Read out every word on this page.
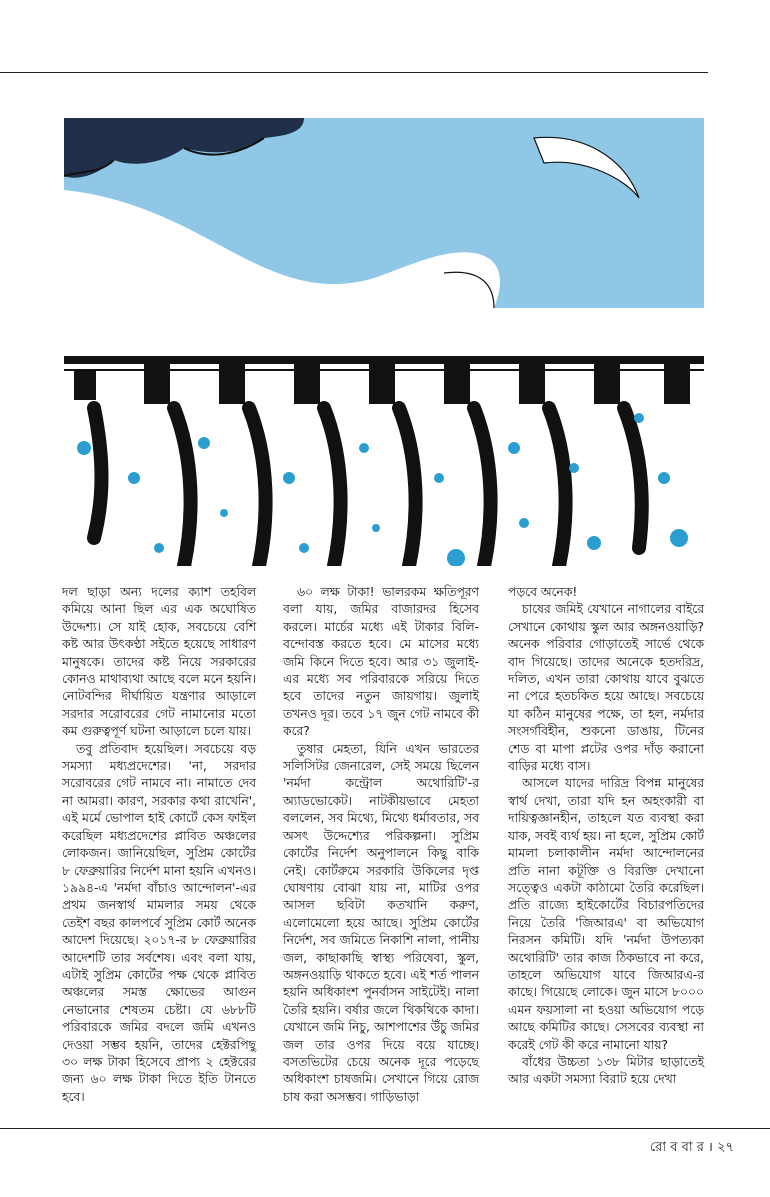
দল ছাড়া অন্য দলের ক্যাশ তহবিল কমিয়ে আনা ছিল এর এক অঘোষিত উদ্দেশ্য। সে যাই হোক, সবচেয়ে বেশি কষ্ট আর উৎকণ্ঠা সইতে হয়েছে সাধারণ মানুষকে। তাদের কষ্ট নিয়ে সরকারের কোনও মাথাব্যথা আছে বলে মনে হয়নি। নোটবন্দির দীর্ঘায়িত যন্ত্রণার আড়ালে সরদার সরোবরের গেট নামানোর মতো কম গুরুত্বপূর্ণ ঘটনা আড়ালে চলে যায়।

তবু প্রতিবাদ হয়েছিল। সবচেয়ে বড় সমস্যা মধ্যপ্রদেশের। 'না, সরদার সরোবরের গেট নামবে না। নামাতে দেব না আমরা। কারণ, সরকার কথা রাখেনি', এই মর্মে ভোপাল হাই কোর্টে কেস ফাইল করেছিল মধ্যপ্রদেশের প্লাবিত অঞ্চলের লোকজন। জানিয়েছিল, সুপ্রিম কোর্টের ৮ ফেব্রুয়ারির নির্দেশ মানা হয়নি এখনও। ১৯৯৪-এ 'নর্মদা বাঁচাও আন্দোলন'-এর প্রথম জনস্বার্থ মামলার সময় থেকে তেইশ বছর কালপর্বে সুপ্রিম কোর্ট অনেক আদেশ দিয়েছে। ২০১৭-র ৮ ফেব্রুয়ারির আদেশটি তার সর্বশেষ। এবং বলা যায়, এটাই সুপ্রিম কোর্টের পক্ষ থেকে প্লাবিত অঞ্চলের সমস্ত ক্ষোভের আগুন নেভানোর শেষতম চেষ্টা। যে ৬৮৮টি পরিবারকে জমির বদলে জমি এখনও দেওয়া সম্ভব হয়নি, তাদের হেক্টরপিছু ৩০ লক্ষ টাকা হিসেবে প্রাপ্য ২ হেক্টরের জন্য ৬০ লক্ষ টাকা দিতে ইতি টানতে হবে।

৬০ লক্ষ টাকা! ভালরকম ক্ষতিপূরণ বলা যায়, জমির বাজারদর হিসেব করলে। মার্চের মধ্যে এই টাকার বিলি-বন্দোবস্ত করতে হবে। মে মাসের মধ্যে জমি কিনে দিতে হবে। আর ৩১ জুলাই-এর মধ্যে সব পরিবারকে সরিয়ে দিতে হবে তাদের নতুন জায়গায়। জুলাই তখনও দূর। তবে ১৭ জুন গেট নামবে কী করে?

তুষার মেহতা, যিনি এখন ভারতের সলিসিটর জেনারেল, সেই সময়ে ছিলেন 'নর্মদা কন্ট্রোল অথোরিটি'-র অ্যাডভোকেট। নাটকীয়ভাবে মেহতা বললেন, সব মিথ্যে, মিথ্যে ধর্মাবতার, সব অসৎ উদ্দেশ্যের পরিকল্পনা। সুপ্রিম কোর্টের নির্দেশ অনুপালনে কিছু বাকি নেই। কোর্টরুমে সরকারি উকিলের দৃপ্ত ঘোষণায় বোঝা যায় না, মাটির ওপর আসল ছবিটা কতখানি করুণ, এলোমেলো হয়ে আছে। সুপ্রিম কোর্টের নির্দেশ, সব জমিতে নিকাশি নালা, পানীয় জল, কাছাকাছি স্বাস্থ্য পরিষেবা, স্কুল, অঙ্গনওয়াড়ি থাকতে হবে। এই শর্ত পালন হয়নি অধিকাংশ পুনর্বাসন সাইটেই। নালা তৈরি হয়নি। বর্ষার জলে থিকথিকে কাদা। যেখানে জমি নিচু, আশপাশের উঁচু জমির জল তার ওপর দিয়ে বয়ে যাচ্ছে। বসতভিটের চেয়ে অনেক দূরে পড়েছে অধিকাংশ চাষজমি। সেখানে গিয়ে রোজ চাষ করা অসম্ভব। গাড়িভাড়া

পড়বে অনেক!

চাষের জমিই যেখানে নাগালের বাইরে সেখানে কোথায় স্কুল আর অঙ্গনওয়াড়ি? অনেক পরিবার গোড়াতেই সার্ভে থেকে বাদ গিয়েছে। তাদের অনেকে হতদরিদ্র, দলিত, এখন তারা কোথায় যাবে বুঝতে না পেরে হতচকিত হয়ে আছে। সবচেয়ে যা কঠিন মানুষের পক্ষে, তা হল, নর্মদার সংসর্গবিহীন, শুকনো ডাঙায়, টিনের শেড বা মাপা প্লটের ওপর দাঁড় করানো বাড়ির মধ্যে বাস।

আসলে যাদের দারিদ্র বিপন্ন মানুষের স্বার্থ দেখা, তারা যদি হন অহংকারী বা দায়িত্বজ্ঞানহীন, তাহলে যত ব্যবস্থা করা যাক, সবই ব্যর্থ হয়। না হলে, সুপ্রিম কোর্ট মামলা চলাকালীন নর্মদা আন্দোলনের প্রতি নানা কটূক্তি ও বিরক্তি দেখানো সত্ত্বেও একটা কাঠামো তৈরি করেছিল। প্রতি রাজ্যে হাইকোর্টের বিচারপতিদের নিয়ে তৈরি 'জিআরএ' বা অভিযোগ নিরসন কমিটি। যদি 'নর্মদা উপত্যকা অথোরিটি' তার কাজ ঠিকভাবে না করে, তাহলে অভিযোগ যাবে জিআরএ-র কাছে। গিয়েছে লোকে। জুন মাসে ৮০০০ এমন ফয়সালা না হওয়া অভিযোগ পড়ে আছে কমিটির কাছে। সেসবের ব্যবস্থা না করেই গেট কী করে নামানো যায়?

বাঁধের উচ্চতা ১৩৮ মিটার ছাড়াতেই আর একটা সমস্যা বিরাট হয়ে দেখা

রো ব বা র । ২৭
